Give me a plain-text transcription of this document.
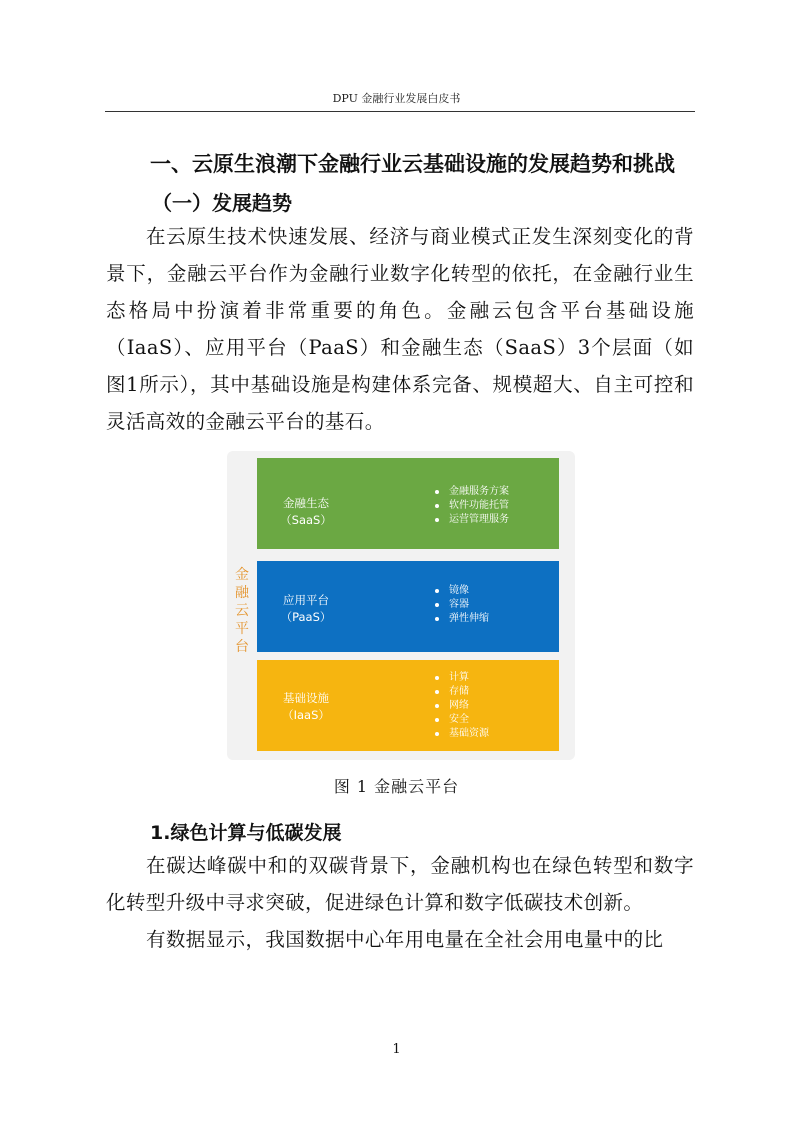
DPU 金融行业发展白皮书
一、云原生浪潮下金融行业云基础设施的发展趋势和挑战
（一）发展趋势

在云原生技术快速发展、经济与商业模式正发生深刻变化的背景下，金融云平台作为金融行业数字化转型的依托，在金融行业生态格局中扮演着非常重要的角色。金融云包含平台基础设施（IaaS）、应用平台（PaaS）和金融生态（SaaS）3个层面（如图1所示），其中基础设施是构建体系完备、规模超大、自主可控和灵活高效的金融云平台的基石。

金
融
云
平
台
金融生态
（SaaS）
金融服务方案
软件功能托管
运营管理服务
应用平台
（PaaS）
镜像
容器
弹性伸缩
基础设施
（IaaS）
计算
存储
网络
安全
基础资源
图 1 金融云平台
1.绿色计算与低碳发展

在碳达峰碳中和的双碳背景下，金融机构也在绿色转型和数字化转型升级中寻求突破，促进绿色计算和数字低碳技术创新。

有数据显示，我国数据中心年用电量在全社会用电量中的比

1
